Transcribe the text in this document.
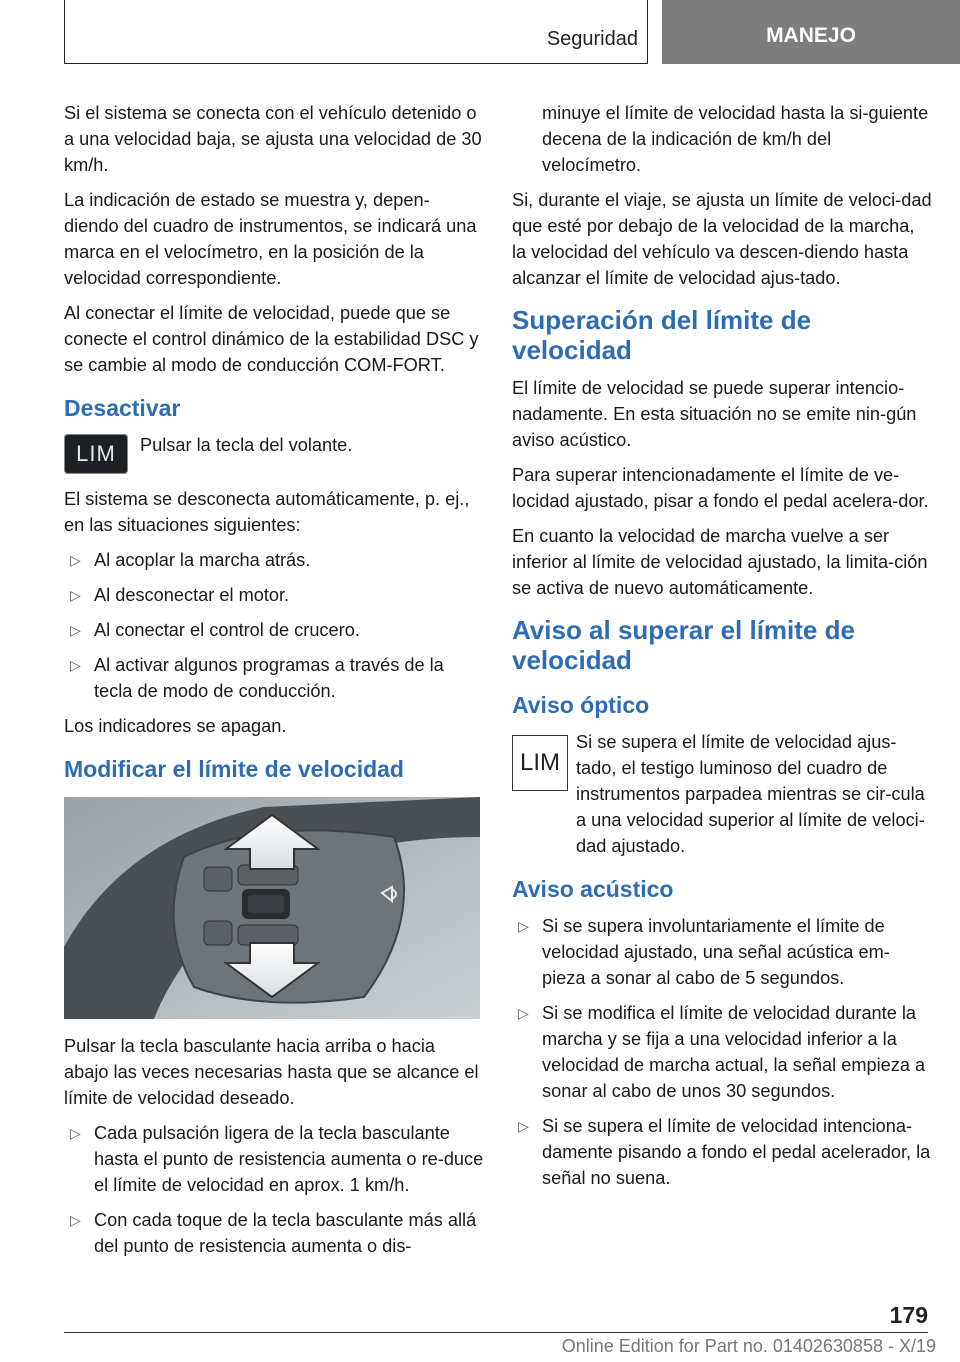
Seguridad	MANEJO

Si el sistema se conecta con el vehículo detenido o a una velocidad baja, se ajusta una velocidad de 30 km/h.

La indicación de estado se muestra y, depen-diendo del cuadro de instrumentos, se indicará una marca en el velocímetro, en la posición de la velocidad correspondiente.

Al conectar el límite de velocidad, puede que se conecte el control dinámico de la estabilidad DSC y se cambie al modo de conducción COM-FORT.

Desactivar
LIM	Pulsar la tecla del volante.

El sistema se desconecta automáticamente, p. ej., en las situaciones siguientes:

▷ Al acoplar la marcha atrás.
▷ Al desconectar el motor.
▷ Al conectar el control de crucero.
▷ Al activar algunos programas a través de la tecla de modo de conducción.

Los indicadores se apagan.

Modificar el límite de velocidad

Pulsar la tecla basculante hacia arriba o hacia abajo las veces necesarias hasta que se alcance el límite de velocidad deseado.

▷ Cada pulsación ligera de la tecla basculante hasta el punto de resistencia aumenta o re-duce el límite de velocidad en aprox. 1 km/h.
▷ Con cada toque de la tecla basculante más allá del punto de resistencia aumenta o dis-

minuye el límite de velocidad hasta la si-guiente decena de la indicación de km/h del velocímetro.

Si, durante el viaje, se ajusta un límite de veloci-dad que esté por debajo de la velocidad de la marcha, la velocidad del vehículo va descen-diendo hasta alcanzar el límite de velocidad ajus-tado.

Superación del límite de velocidad

El límite de velocidad se puede superar intencio-nadamente. En esta situación no se emite nin-gún aviso acústico.

Para superar intencionadamente el límite de ve-locidad ajustado, pisar a fondo el pedal acelera-dor.

En cuanto la velocidad de marcha vuelve a ser inferior al límite de velocidad ajustado, la limita-ción se activa de nuevo automáticamente.

Aviso al superar el límite de velocidad
Aviso óptico
LIM

Si se supera el límite de velocidad ajus-tado, el testigo luminoso del cuadro de instrumentos parpadea mientras se cir-cula a una velocidad superior al límite de veloci-dad ajustado.

Aviso acústico
▷ Si se supera involuntariamente el límite de velocidad ajustado, una señal acústica em-pieza a sonar al cabo de 5 segundos.
▷ Si se modifica el límite de velocidad durante la marcha y se fija a una velocidad inferior a la velocidad de marcha actual, la señal empieza a sonar al cabo de unos 30 segundos.
▷ Si se supera el límite de velocidad intenciona-damente pisando a fondo el pedal acelerador, la señal no suena.
179
Online Edition for Part no. 01402630858 - X/19
